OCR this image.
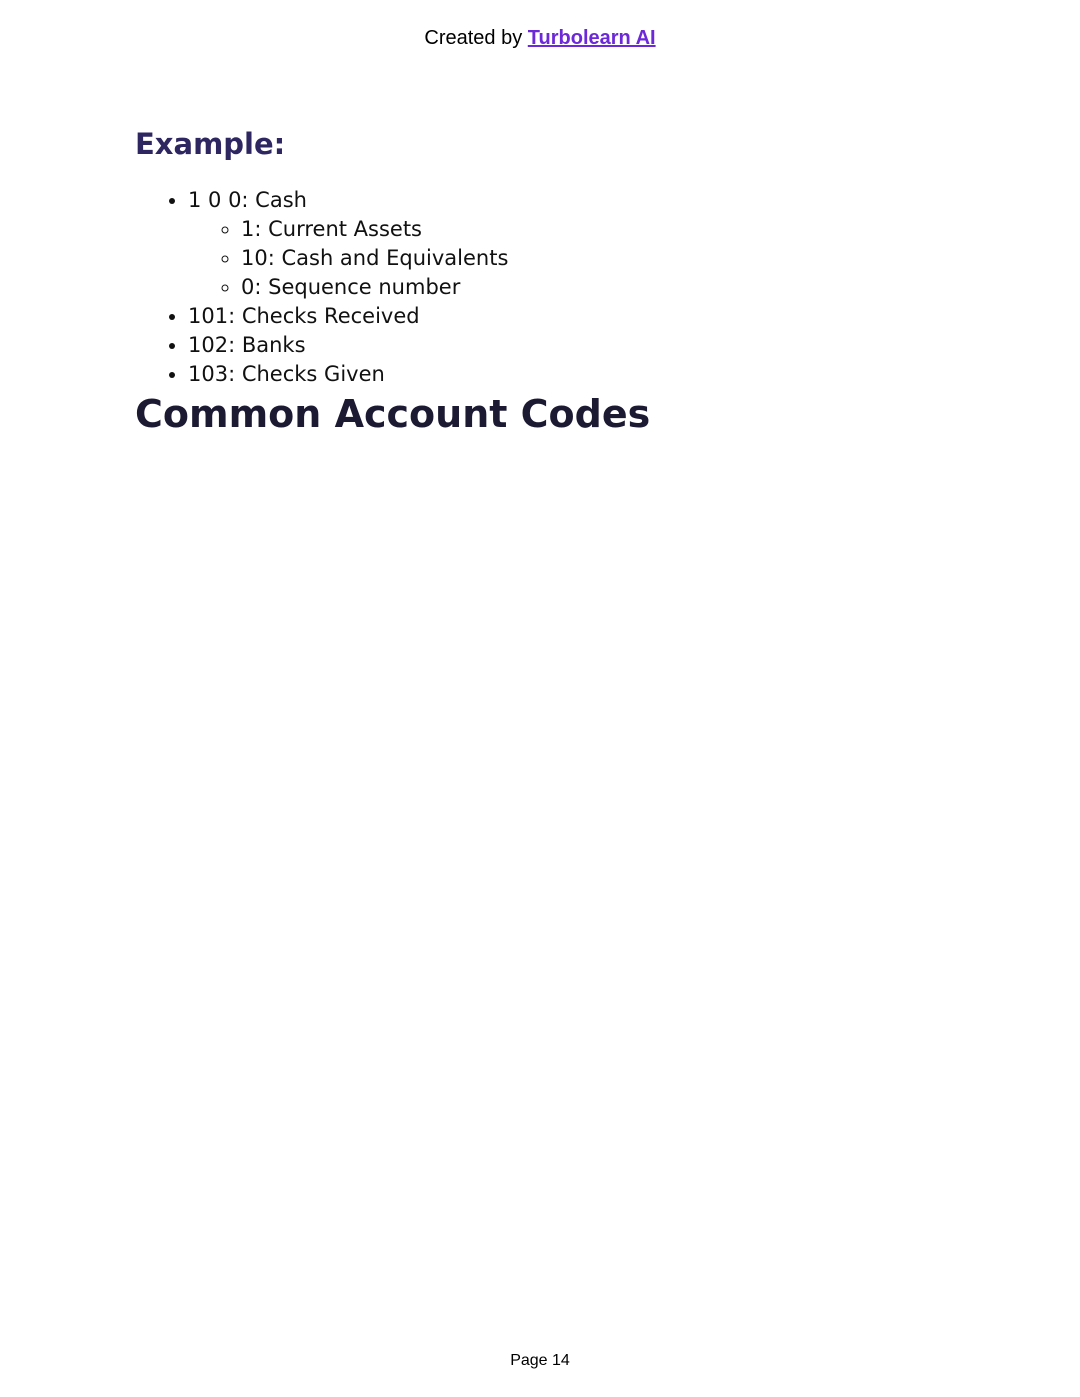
Created by Turbolearn AI
Example:
• 1 0 0: Cash
◦ 1: Current Assets
◦ 10: Cash and Equivalents
◦ 0: Sequence number
• 101: Checks Received
• 102: Banks
• 103: Checks Given
Common Account Codes
Page 14
